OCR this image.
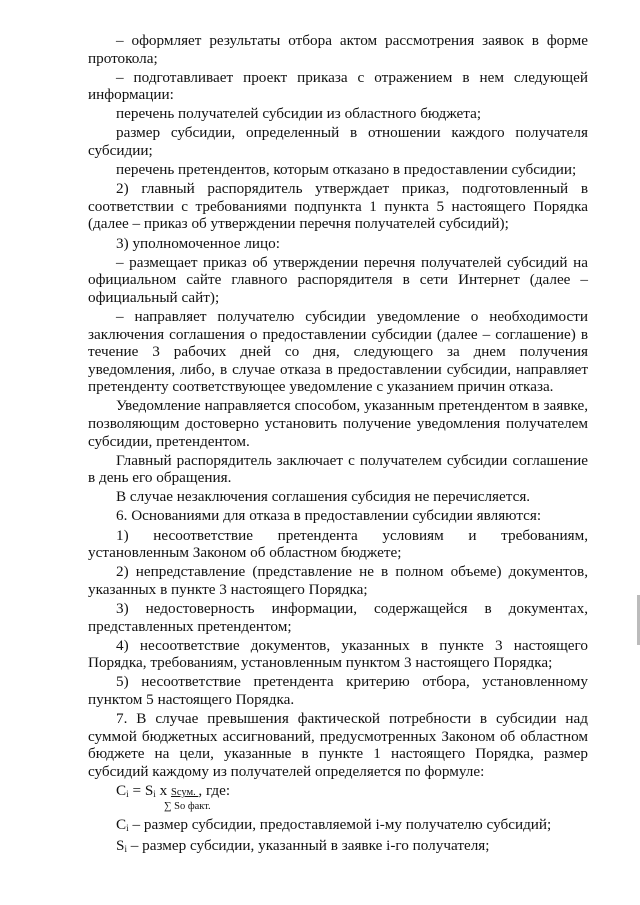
– оформляет результаты отбора актом рассмотрения заявок в форме протокола;

– подготавливает проект приказа с отражением в нем следующей информации:

перечень получателей субсидии из областного бюджета;

размер субсидии, определенный в отношении каждого получателя субсидии;

перечень претендентов, которым отказано в предоставлении субсидии;

2) главный распорядитель утверждает приказ, подготовленный в соответствии с требованиями подпункта 1 пункта 5 настоящего Порядка (далее – приказ об утверждении перечня получателей субсидий);

3) уполномоченное лицо:

– размещает приказ об утверждении перечня получателей субсидий на официальном сайте главного распорядителя в сети Интернет (далее – официальный сайт);

– направляет получателю субсидии уведомление о необходимости заключения соглашения о предоставлении субсидии (далее – соглашение) в течение 3 рабочих дней со дня, следующего за днем получения уведомления, либо, в случае отказа в предоставлении субсидии, направляет претенденту соответствующее уведомление с указанием причин отказа.

Уведомление направляется способом, указанным претендентом в заявке, позволяющим достоверно установить получение уведомления получателем субсидии, претендентом.

Главный распорядитель заключает с получателем субсидии соглашение в день его обращения.

В случае незаключения соглашения субсидия не перечисляется.

6. Основаниями для отказа в предоставлении субсидии являются:

1) несоответствие претендента условиям и требованиям, установленным Законом об областном бюджете;

2) непредставление (представление не в полном объеме) документов, указанных в пункте 3 настоящего Порядка;

3) недостоверность информации, содержащейся в документах, представленных претендентом;

4) несоответствие документов, указанных в пункте 3 настоящего Порядка, требованиям, установленным пунктом 3 настоящего Порядка;

5) несоответствие претендента критерию отбора, установленному пунктом 5 настоящего Порядка.

7. В случае превышения фактической потребности в субсидии над суммой бюджетных ассигнований, предусмотренных Законом об областном бюджете на цели, указанные в пункте 1 настоящего Порядка, размер субсидий каждому из получателей определяется по формуле:

$C_i = S_i$ x Sсум. , где:
∑ So факт.

$C_i$ – размер субсидии, предоставляемой i-му получателю субсидий;

$S_i$ – размер субсидии, указанный в заявке i-го получателя;
